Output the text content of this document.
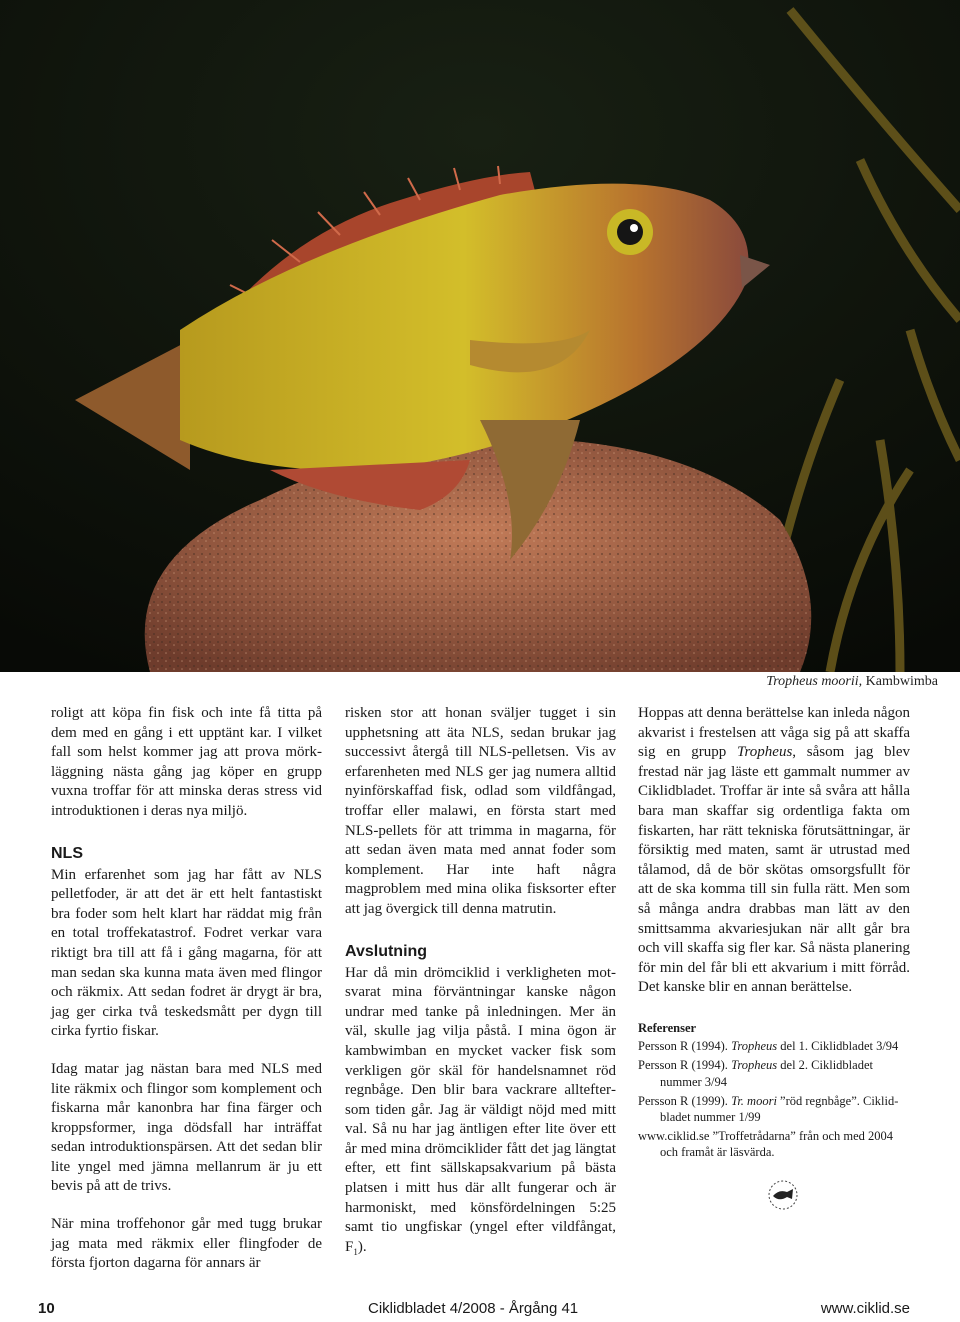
Tropheus moorii, Kambwimba

roligt att köpa fin fisk och inte få titta på dem med en gång i ett upptänt kar. I vilket fall som helst kommer jag att prova mörkläggning nästa gång jag köper en grupp vuxna troffar för att minska deras stress vid introduktionen i deras nya miljö.

NLS

Min erfarenhet som jag har fått av NLS pelletfoder, är att det är ett helt fantastiskt bra foder som helt klart har räddat mig från en total troffekatastrof. Fodret verkar vara riktigt bra till att få i gång magarna, för att man sedan ska kunna mata även med flingor och räkmix. Att sedan fodret är drygt är bra, jag ger cirka två teskedsmått per dygn till cirka fyrtio fiskar.

Idag matar jag nästan bara med NLS med lite räkmix och flingor som komplement och fiskarna mår kanonbra har fina färger och kroppsformer, inga dödsfall har inträffat sedan introduktionspärsen. Att det sedan blir lite yngel med jämna mellanrum är ju ett bevis på att de trivs.

När mina troffehonor går med tugg brukar jag mata med räkmix eller flingfoder de första fjorton dagarna för annars är

risken stor att honan sväljer tugget i sin upphetsning att äta NLS, sedan brukar jag successivt återgå till NLS-pelletsen. Vis av erfarenheten med NLS ger jag numera alltid nyinförskaffad fisk, odlad som vildfångad, troffar eller malawi, en första start med NLS-pellets för att trimma in magarna, för att sedan även mata med annat foder som komplement. Har inte haft några magproblem med mina olika fisksorter efter att jag övergick till denna matrutin.

Avslutning

Har då min drömciklid i verkligheten motsvarat mina förväntningar kanske någon undrar med tanke på inledningen. Mer än väl, skulle jag vilja påstå. I mina ögon är kambwimban en mycket vacker fisk som verkligen gör skäl för handelsnamnet röd regnbåge. Den blir bara vackrare allteftersom tiden går. Jag är väldigt nöjd med mitt val. Så nu har jag äntligen efter lite över ett år med mina drömciklider fått det jag längtat efter, ett fint sällskapsakvarium på bästa platsen i mitt hus där allt fungerar och är harmoniskt, med könsfördelningen 5:25 samt tio ungfiskar (yngel efter vildfångat, $F_1$).

Hoppas att denna berättelse kan inleda någon akvarist i frestelsen att våga sig på att skaffa sig en grupp Tropheus, såsom jag blev frestad när jag läste ett gammalt nummer av Ciklidbladet. Troffar är inte så svåra att hålla bara man skaffar sig ordentliga fakta om fiskarten, har rätt tekniska förutsättningar, är försiktig med maten, samt är utrustad med tålamod, då de bör skötas omsorgsfullt för att de ska komma till sin fulla rätt. Men som så många andra drabbas man lätt av den smittsamma akvariesjukan när allt går bra och vill skaffa sig fler kar. Så nästa planering för min del får bli ett akvarium i mitt förråd. Det kanske blir en annan berättelse.

Referenser
Persson R (1994). Tropheus del 1. Ciklidbladet 3/94
Persson R (1994). Tropheus del 2. Ciklidbladet nummer 3/94
Persson R (1999). Tr. moori ”röd regnbåge”. Ciklidbladet nummer 1/99
www.ciklid.se ”Troffetrådarna” från och med 2004 och framåt är läsvärda.
10	Ciklidbladet 4/2008 - Årgång 41	www.ciklid.se
